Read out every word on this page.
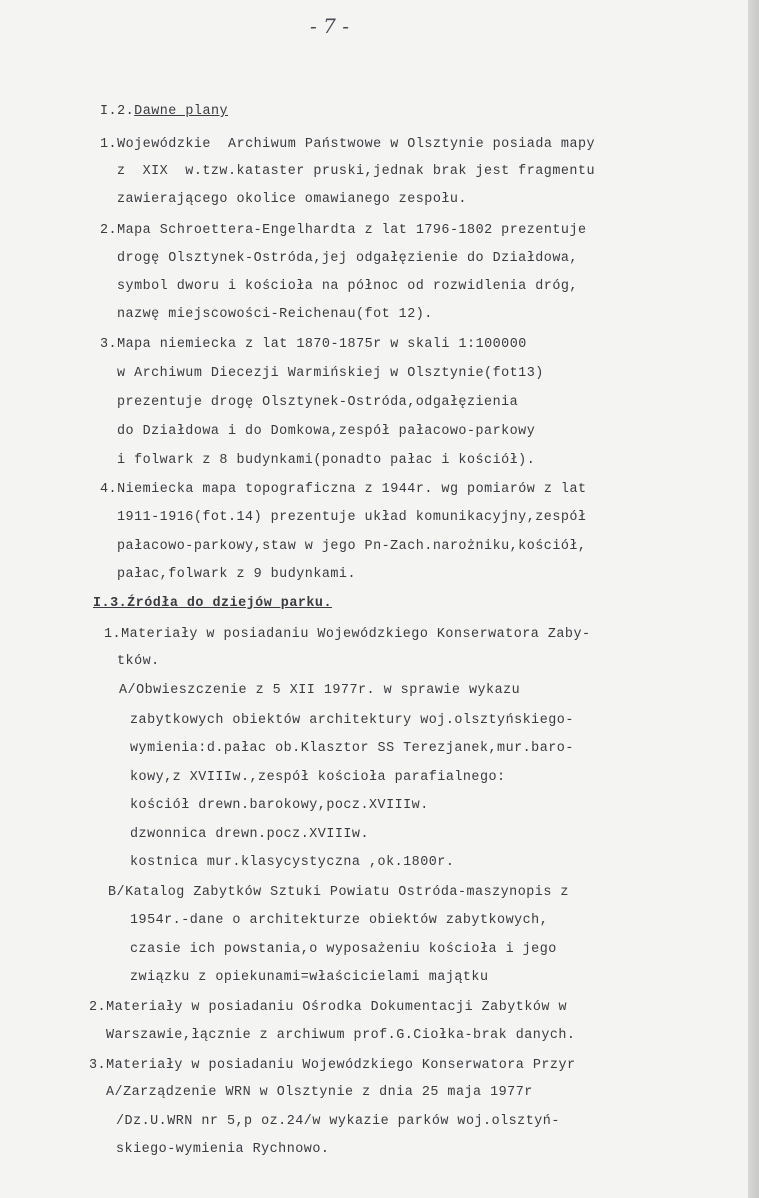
- 7 -
I.2.Dawne plany
1.Wojewódzkie  Archiwum Państwowe w Olsztynie posiada mapy
z  XIX  w.tzw.kataster pruski,jednak brak jest fragmentu
zawierającego okolice omawianego zespołu.
2.Mapa Schroettera-Engelhardta z lat 1796-1802 prezentuje
drogę Olsztynek-Ostróda,jej odgałęzienie do Działdowa,
symbol dworu i kościoła na północ od rozwidlenia dróg,
nazwę miejscowości-Reichenau(fot 12).
3.Mapa niemiecka z lat 1870-1875r w skali 1:100000
w Archiwum Diecezji Warmińskiej w Olsztynie(fot13)
prezentuje drogę Olsztynek-Ostróda,odgałęzienia
do Działdowa i do Domkowa,zespół pałacowo-parkowy
i folwark z 8 budynkami(ponadto pałac i kościół).
4.Niemiecka mapa topograficzna z 1944r. wg pomiarów z lat
1911-1916(fot.14) prezentuje układ komunikacyjny,zespół
pałacowo-parkowy,staw w jego Pn-Zach.narożniku,kościół,
pałac,folwark z 9 budynkami.
I.3.Źródła do dziejów parku.
1.Materiały w posiadaniu Wojewódzkiego Konserwatora Zaby-
tków.
A/Obwieszczenie z 5 XII 1977r. w sprawie wykazu
zabytkowych obiektów architektury woj.olsztyńskiego-
wymienia:d.pałac ob.Klasztor SS Terezjanek,mur.baro-
kowy,z XVIIIw.,zespół kościoła parafialnego:
kościół drewn.barokowy,pocz.XVIIIw.
dzwonnica drewn.pocz.XVIIIw.
kostnica mur.klasycystyczna ,ok.1800r.
B/Katalog Zabytków Sztuki Powiatu Ostróda-maszynopis z
1954r.-dane o architekturze obiektów zabytkowych,
czasie ich powstania,o wyposażeniu kościoła i jego
związku z opiekunami=właścicielami majątku
2.Materiały w posiadaniu Ośrodka Dokumentacji Zabytków w
Warszawie,łącznie z archiwum prof.G.Ciołka-brak danych.
3.Materiały w posiadaniu Wojewódzkiego Konserwatora Przyr
A/Zarządzenie WRN w Olsztynie z dnia 25 maja 1977r
/Dz.U.WRN nr 5,p oz.24/w wykazie parków woj.olsztyń-
skiego-wymienia Rychnowo.
